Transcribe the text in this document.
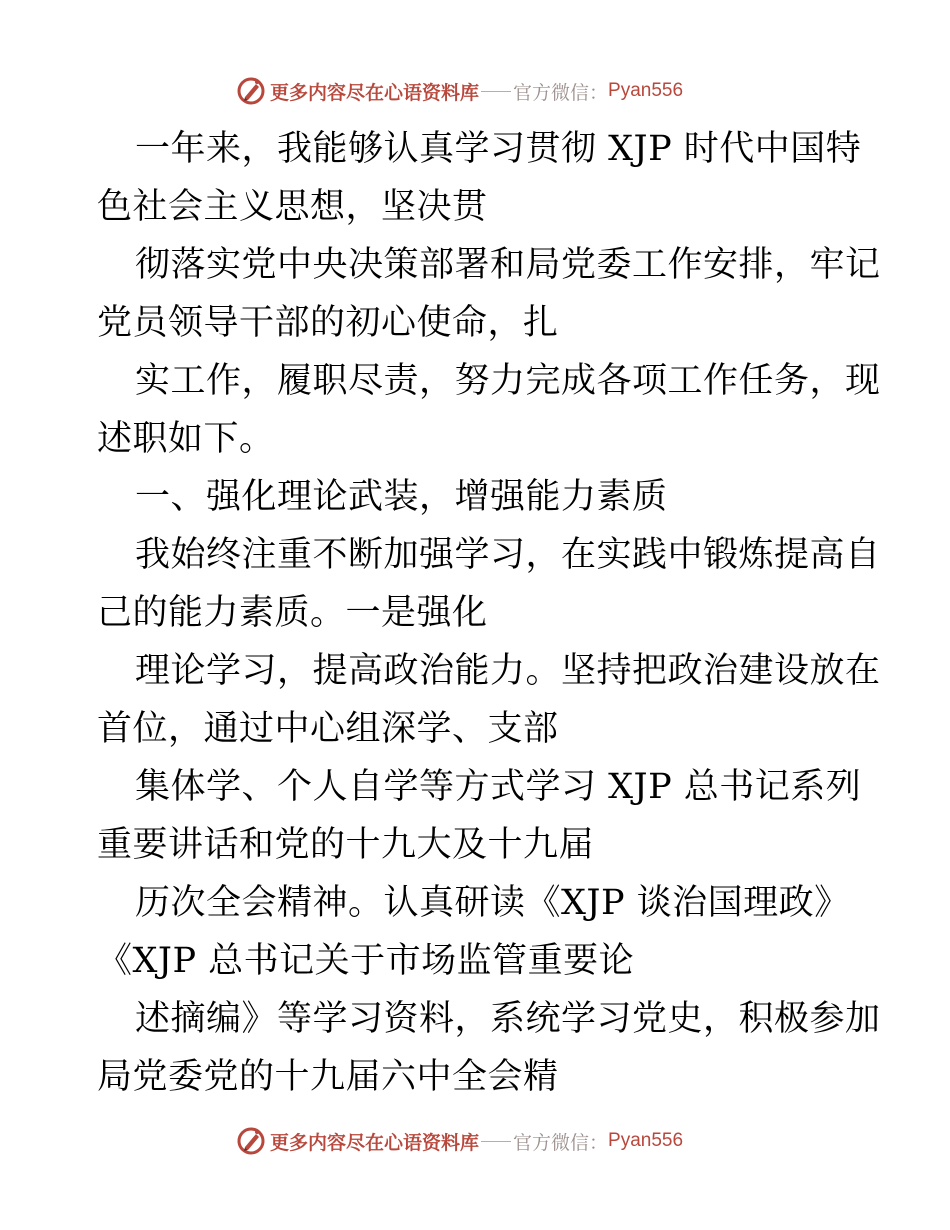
更多内容尽在心语资料库 官方微信： Pyan556
一年来，我能够认真学习贯彻 XJP 时代中国特
色社会主义思想，坚决贯
彻落实党中央决策部署和局党委工作安排，牢记
党员领导干部的初心使命，扎
实工作，履职尽责，努力完成各项工作任务，现
述职如下。
一、强化理论武装，增强能力素质
我始终注重不断加强学习，在实践中锻炼提高自
己的能力素质。一是强化
理论学习，提高政治能力。坚持把政治建设放在
首位，通过中心组深学、支部
集体学、个人自学等方式学习 XJP 总书记系列
重要讲话和党的十九大及十九届
历次全会精神。认真研读《XJP 谈治国理政》
《XJP 总书记关于市场监管重要论
述摘编》等学习资料，系统学习党史，积极参加
局党委党的十九届六中全会精
更多内容尽在心语资料库 官方微信： Pyan556
